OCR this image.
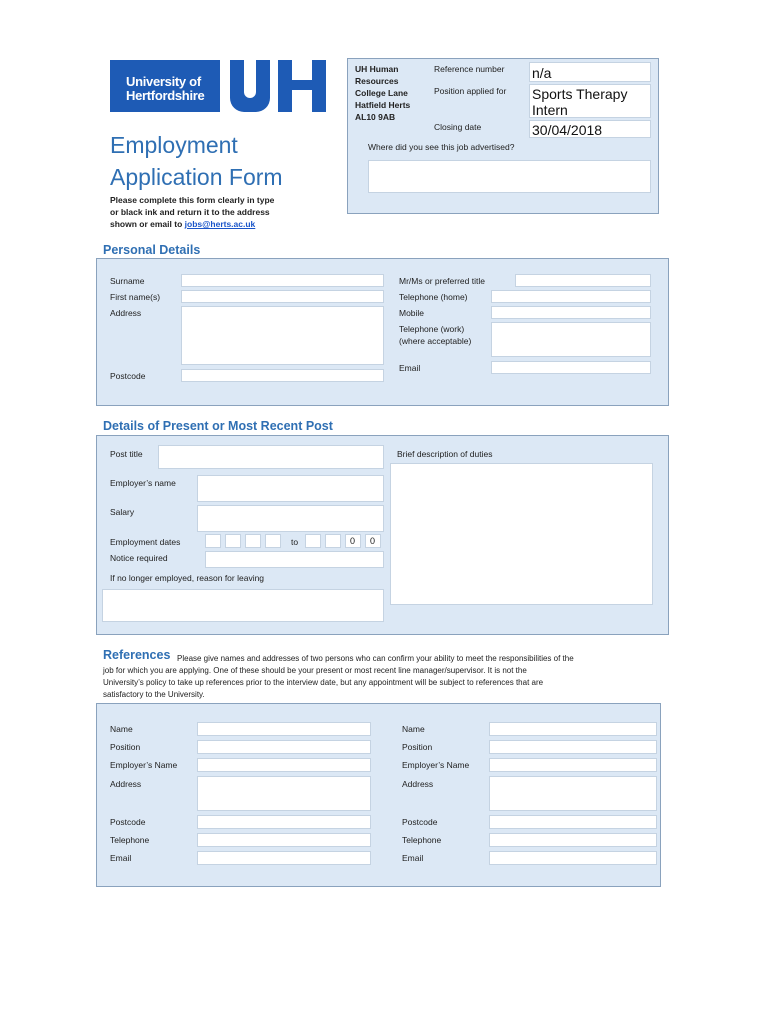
University of
Hertfordshire
UH Human
Resources
College Lane
Hatfield Herts
AL10 9AB
Reference number n/a
Position applied for Sports Therapy
Intern
Closing date	30/04/2018
Where did you see this job advertised?
Employment
Application Form
Please complete this form clearly in type
or black ink and return it to the address
shown or email to jobs@herts.ac.uk
Personal Details
Surname
First name(s)
Address
Postcode
Mr/Ms or preferred title
Telephone (home)
Mobile
Telephone (work)
(where acceptable)
Email
Details of Present or Most Recent Post
Post title
Employer’s name
Salary
Employment dates	to	0 0
Notice required
If no longer employed, reason for leaving
Brief description of duties
References Please give names and addresses of two persons who can confirm your ability to meet the responsibilities of the
job for which you are applying. One of these should be your present or most recent line manager/supervisor. It is not the
University’s policy to take up references prior to the interview date, but any appointment will be subject to references that are
satisfactory to the University.
Name
Position
Employer’s Name
Address
Postcode
Telephone
Email
Name
Position
Employer’s Name
Address
Postcode
Telephone
Email
